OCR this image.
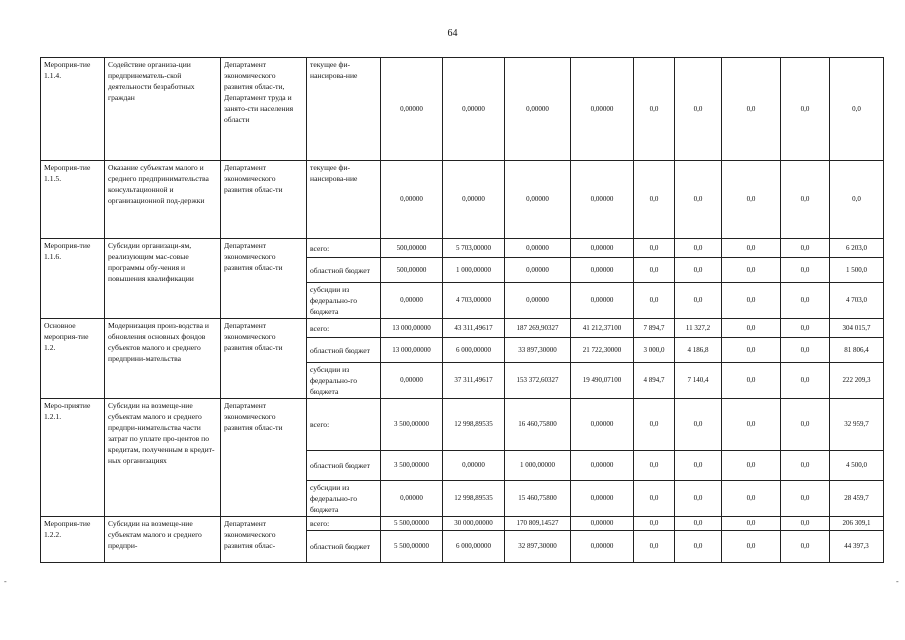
64
-	-
Мероприя-тие 1.1.4.	Содействие организа-ции предпринематель-ской деятельности безработных граждан	Департамент экономического развития облас-ти, Департамент труда и занято-сти населения области	текущее фи-нансирова-ние	0,00000	0,00000	0,00000	0,00000	0,0	0,0	0,0	0,0	0,0
Мероприя-тие 1.1.5.	Оказание субъектам малого и среднего предпринимательства консультационной и организационной под-держки	Департамент экономического развития облас-ти	текущее фи-нансирова-ние	0,00000	0,00000	0,00000	0,00000	0,0	0,0	0,0	0,0	0,0
Мероприя-тие 1.1.6.	Субсидии организаци-ям, реализующим мас-совые программы обу-чения и повышения квалификации	Департамент экономического развития облас-ти	всего:	500,00000	5 703,00000	0,00000	0,00000	0,0	0,0	0,0	0,0	6 203,0
			областной бюджет	500,00000	1 000,00000	0,00000	0,00000	0,0	0,0	0,0	0,0	1 500,0
			субсидии из федерально-го бюджета	0,00000	4 703,00000	0,00000	0,00000	0,0	0,0	0,0	0,0	4 703,0
Основное мероприя-тие 1.2.	Модернизация произ-водства и обновления основных фондов субъектов малого и среднего предприни-мательства	Департамент экономического развития облас-ти	всего:	13 000,00000	43 311,49617	187 269,90327	41 212,37100	7 894,7	11 327,2	0,0	0,0	304 015,7
			областной бюджет	13 000,00000	6 000,00000	33 897,30000	21 722,30000	3 000,0	4 186,8	0,0	0,0	81 806,4
			субсидии из федерально-го бюджета	0,00000	37 311,49617	153 372,60327	19 490,07100	4 894,7	7 140,4	0,0	0,0	222 209,3
Меро-приятие 1.2.1.	Субсидии на возмеще-ние субъектам малого и среднего предпри-нимательства части затрат по уплате про-центов по кредитам, полученным в кредит-ных организациях	Департамент экономического развития облас-ти	всего:	3 500,00000	12 998,89535	16 460,75800	0,00000	0,0	0,0	0,0	0,0	32 959,7
			областной бюджет	3 500,00000	0,00000	1 000,00000	0,00000	0,0	0,0	0,0	0,0	4 500,0
			субсидии из федерально-го бюджета	0,00000	12 998,89535	15 460,75800	0,00000	0,0	0,0	0,0	0,0	28 459,7
Мероприя-тие 1.2.2.	Субсидии на возмеще-ние субъектам малого и среднего предпри-	Департамент экономического развития облас-	всего:	5 500,00000	30 000,00000	170 809,14527	0,00000	0,0	0,0	0,0	0,0	206 309,1
			областной бюджет	5 500,00000	6 000,00000	32 897,30000	0,00000	0,0	0,0	0,0	0,0	44 397,3
